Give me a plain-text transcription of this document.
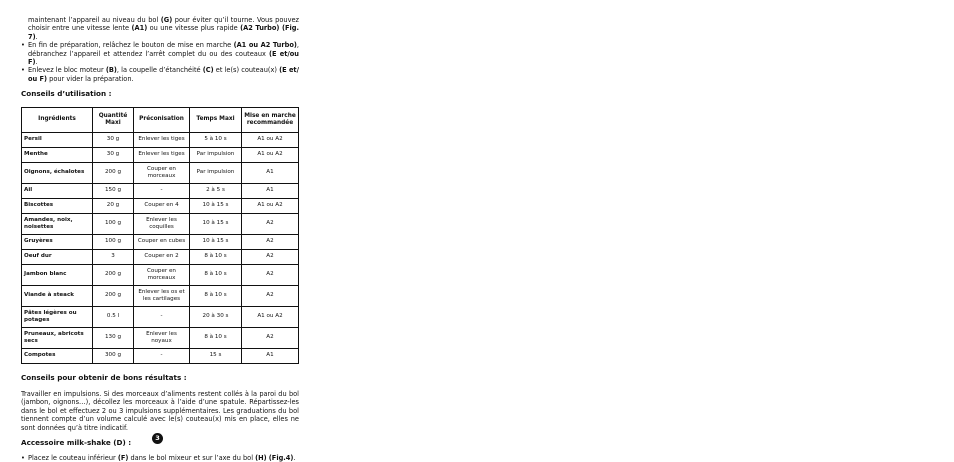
maintenant l’appareil au niveau du bol (G) pour éviter qu’il tourne. Vous pouvez choisir entre une vitesse lente (A1) ou une vitesse plus rapide (A2 Turbo) (Fig. 7).

• En fin de préparation, relâchez le bouton de mise en marche (A1 ou A2 Turbo), débranchez l’appareil et attendez l’arrêt complet du ou des couteaux (E et/ou F).

• Enlevez le bloc moteur (B), la coupelle d’étanchéité (C) et le(s) couteau(x) (E et/ ou F) pour vider la préparation.

Conseils d’utilisation :

Ingrédients	Quantité Maxi	Préconisation	Temps Maxi	Mise en marche recommandée
Persil	30 g	Enlever les tiges	5 à 10 s	A1 ou A2
Menthe	30 g	Enlever les tiges	Par impulsion	A1 ou A2
Oignons, échalotes	200 g	Couper en morceaux	Par impulsion	A1
Ail	150 g	-	2 à 5 s	A1
Biscottes	20 g	Couper en 4	10 à 15 s	A1 ou A2
Amandes, noix, noisettes	100 g	Enlever les coquilles	10 à 15 s	A2
Gruyères	100 g	Couper en cubes	10 à 15 s	A2
Oeuf dur	3	Couper en 2	8 à 10 s	A2
Jambon blanc	200 g	Couper en morceaux	8 à 10 s	A2
Viande à steack	200 g	Enlever les os et les cartilages	8 à 10 s	A2
Pâtes légères ou potages	0.5 l	-	20 à 30 s	A1 ou A2
Pruneaux, abricots secs	130 g	Enlever les noyaux	8 à 10 s	A2
Compotes	300 g	-	15 s	A1

Conseils pour obtenir de bons résultats :

Travailler en impulsions. Si des morceaux d’aliments restent collés à la paroi du bol (jambon, oignons…), décollez les morceaux à l’aide d’une spatule. Répartissez-les dans le bol et effectuez 2 ou 3 impulsions supplémentaires. Les graduations du bol tiennent compte d’un volume calculé avec le(s) couteau(x) mis en place, elles ne sont données qu’à titre indicatif.

Accessoire milk-shake (D) :

• Placez le couteau inférieur (F) dans le bol mixeur et sur l’axe du bol (H) (Fig.4).

3
